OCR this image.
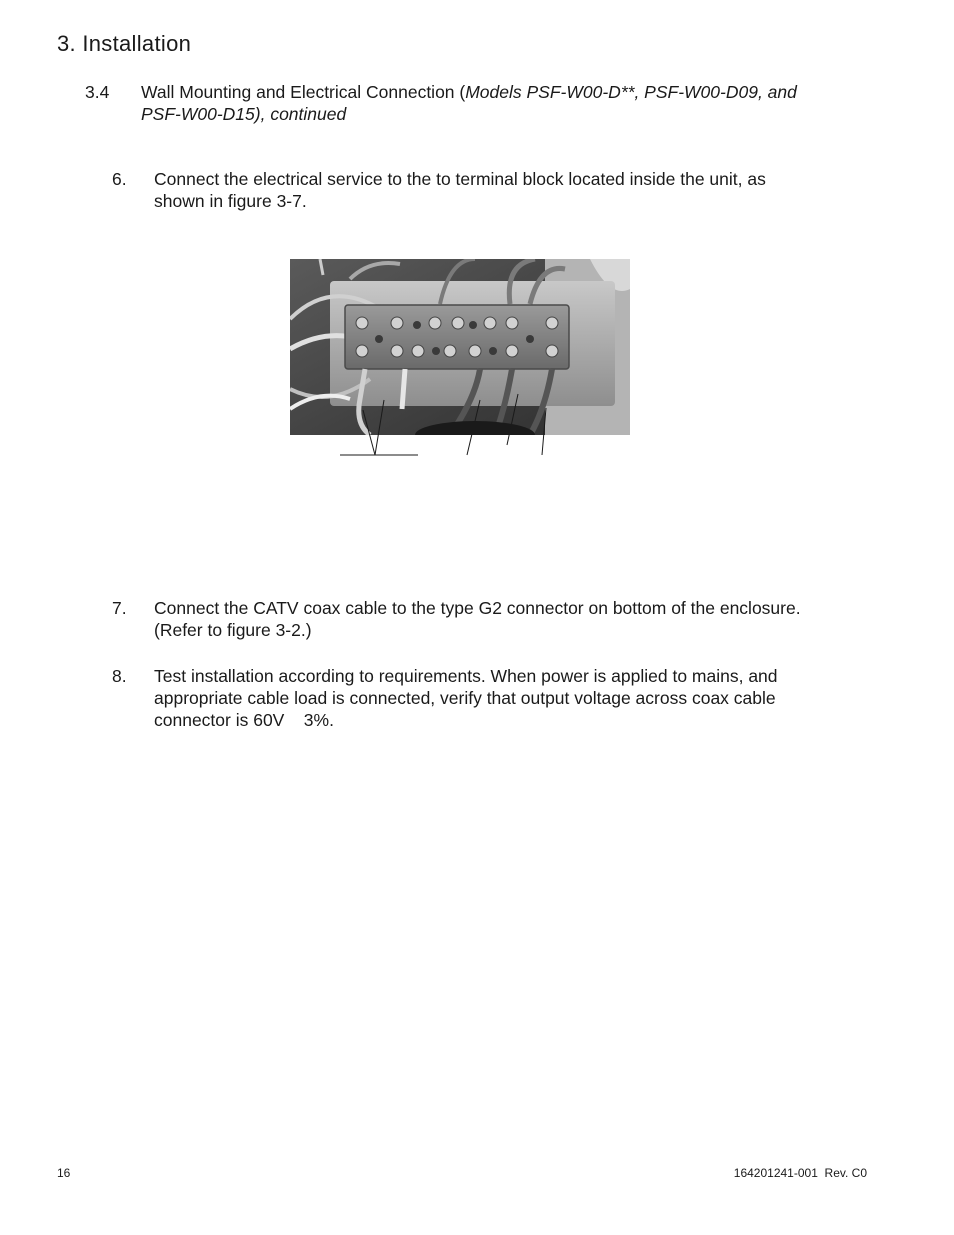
3. Installation
3.4 Wall Mounting and Electrical Connection (Models PSF-W00-D**, PSF-W00-D09, and
PSF-W00-D15), continued
6. Connect the electrical service to the to terminal block located inside the unit, as
shown in figure 3-7.
7. Connect the CATV coax cable to the type G2 connector on bottom of the enclosure.
(Refer to figure 3-2.)
8. Test installation according to requirements. When power is applied to mains, and
appropriate cable load is connected, verify that output voltage across coax cable
connector is 60V    3%.
16	164201241-001  Rev. C0
